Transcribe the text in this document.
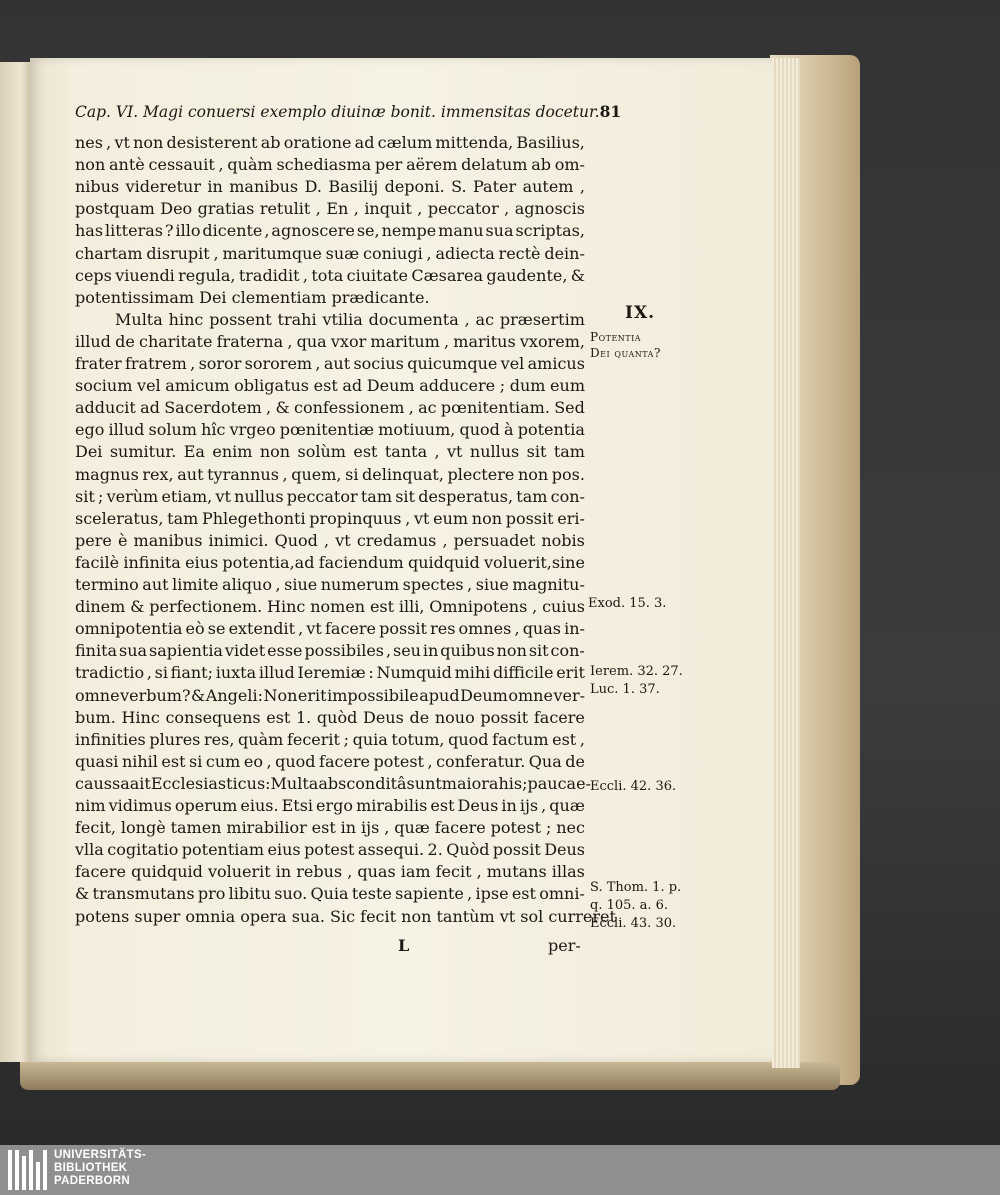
Cap. VI. Magi conuersi exemplo diuinæ bonit. immensitas docetur. 81
nes , vt non desisterent ab oratione ad cælum mittenda, Basilius,
non antè cessauit , quàm schediasma per aërem delatum ab om-
nibus videretur in manibus D. Basilij deponi. S. Pater autem ,
postquam Deo gratias retulit , En , inquit , peccator , agnoscis
has litteras ? illo dicente , agnoscere se, nempe manu sua scriptas,
chartam disrupit , maritumque suæ coniugi , adiecta rectè dein-
ceps viuendi regula, tradidit , tota ciuitate Cæsarea gaudente, &
potentissimam Dei clementiam prædicante.
Multa hinc possent trahi vtilia documenta , ac præsertim
illud de charitate fraterna , qua vxor maritum , maritus vxorem,
frater fratrem , soror sororem , aut socius quicumque vel amicus
socium vel amicum obligatus est ad Deum adducere ; dum eum
adducit ad Sacerdotem , & confessionem , ac pœnitentiam. Sed
ego illud solum hîc vrgeo pœnitentiæ motiuum, quod à potentia
Dei sumitur. Ea enim non solùm est tanta , vt nullus sit tam
magnus rex, aut tyrannus , quem, si delinquat, plectere non pos.
sit ; verùm etiam, vt nullus peccator tam sit desperatus, tam con-
sceleratus, tam Phlegethonti propinquus , vt eum non possit eri-
pere è manibus inimici. Quod , vt credamus , persuadet nobis
facilè infinita eius potentia,ad faciendum quidquid voluerit,sine
termino aut limite aliquo , siue numerum spectes , siue magnitu-
dinem & perfectionem. Hinc nomen est illi, Omnipotens , cuius
omnipotentia eò se extendit , vt facere possit res omnes , quas in-
finita sua sapientia videt esse possibiles , seu in quibus non sit con-
tradictio , si fiant; iuxta illud Ieremiæ : Numquid mihi difficile erit
omne verbum? & Angeli: Non erit impossibile apud Deum omne ver-
bum. Hinc consequens est 1. quòd Deus de nouo possit facere
infinities plures res, quàm fecerit ; quia totum, quod factum est ,
quasi nihil est si cum eo , quod facere potest , conferatur. Qua de
caussa ait Ecclesiasticus : Multa absconditâ sunt maiora his ; pauca e-
nim vidimus operum eius. Etsi ergo mirabilis est Deus in ijs , quæ
fecit, longè tamen mirabilior est in ijs , quæ facere potest ; nec
vlla cogitatio potentiam eius potest assequi. 2. Quòd possit Deus
facere quidquid voluerit in rebus , quas iam fecit , mutans illas
& transmutans pro libitu suo. Quia teste sapiente , ipse est omni-
potens super omnia opera sua. Sic fecit non tantùm vt sol curreret
IX.
Potentia
Dei quanta?
Exod. 15. 3.
Ierem. 32. 27.
Luc. 1. 37.
Eccli. 42. 36.
S. Thom. 1. p.
q. 105. a. 6.
Eccli. 43. 30.
L	per-
UNIVERSITÄTS-
BIBLIOTHEK
PADERBORN
